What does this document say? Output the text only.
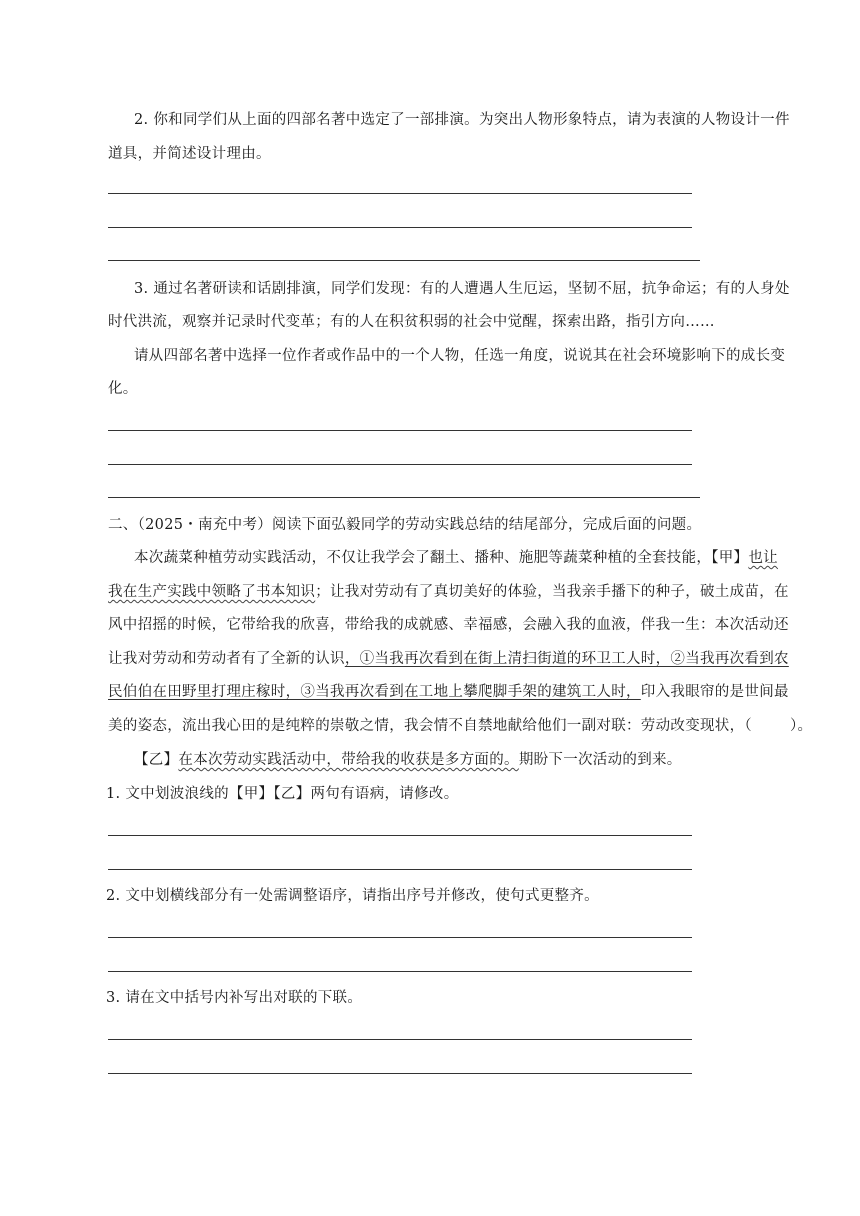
2. 你和同学们从上面的四部名著中选定了一部排演。为突出人物形象特点，请为表演的人物设计一件
道具，并简述设计理由。
3. 通过名著研读和话剧排演，同学们发现：有的人遭遇人生厄运，坚韧不屈，抗争命运；有的人身处
时代洪流，观察并记录时代变革；有的人在积贫积弱的社会中觉醒，探索出路，指引方向……
请从四部名著中选择一位作者或作品中的一个人物，任选一角度，说说其在社会环境影响下的成长变
化。
二、（2025・南充中考）阅读下面弘毅同学的劳动实践总结的结尾部分，完成后面的问题。
本次蔬菜种植劳动实践活动，不仅让我学会了翻土、播种、施肥等蔬菜种植的全套技能，【甲】也让
我在生产实践中领略了书本知识；让我对劳动有了真切美好的体验，当我亲手播下的种子，破土成苗，在
风中招摇的时候，它带给我的欣喜，带给我的成就感、幸福感，会融入我的血液，伴我一生：本次活动还
让我对劳动和劳动者有了全新的认识，①当我再次看到在街上清扫街道的环卫工人时，②当我再次看到农
民伯伯在田野里打理庄稼时，③当我再次看到在工地上攀爬脚手架的建筑工人时，印入我眼帘的是世间最
美的姿态，流出我心田的是纯粹的崇敬之情，我会情不自禁地献给他们一副对联：劳动改变现状，（	）。
【乙】在本次劳动实践活动中，带给我的收获是多方面的。期盼下一次活动的到来。
1. 文中划波浪线的【甲】【乙】两句有语病，请修改。
2. 文中划横线部分有一处需调整语序，请指出序号并修改，使句式更整齐。
3. 请在文中括号内补写出对联的下联。
